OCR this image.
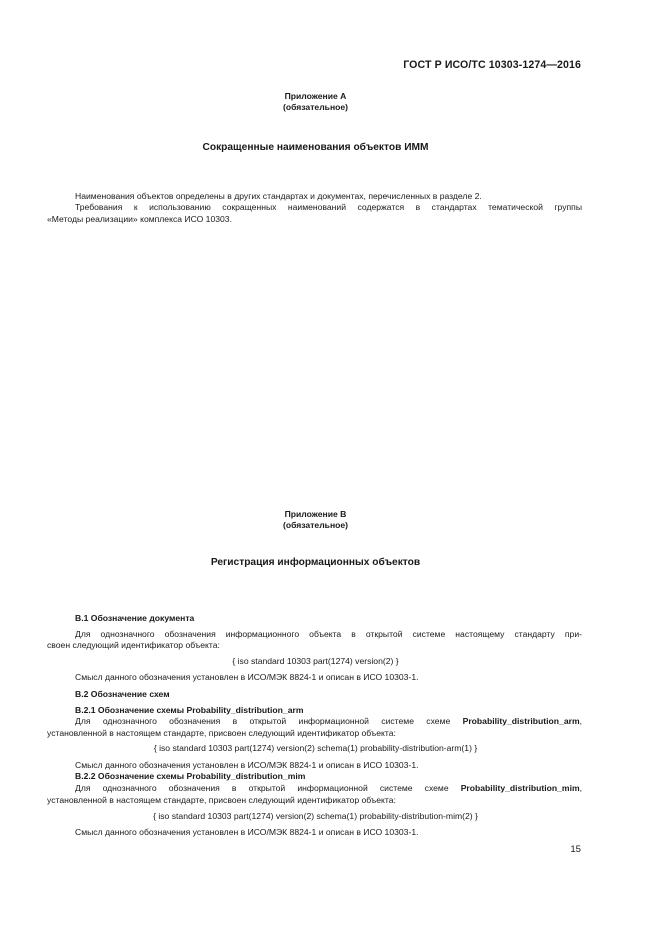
ГОСТ Р ИСО/ТС 10303-1274—2016
Приложение А
(обязательное)
Сокращенные наименования объектов ИММ
Наименования объектов определены в других стандартах и документах, перечисленных в разделе 2.
Требования к использованию сокращенных наименований содержатся в стандартах тематической группы
«Методы реализации» комплекса ИСО 10303.
Приложение В
(обязательное)
Регистрация информационных объектов
В.1 Обозначение документа
Для однозначного обозначения информационного объекта в открытой системе настоящему стандарту при-
своен следующий идентификатор объекта:
{ iso standard 10303 part(1274) version(2) }
Смысл данного обозначения установлен в ИСО/МЭК 8824-1 и описан в ИСО 10303-1.
В.2 Обозначение схем
В.2.1 Обозначение схемы Probability_distribution_arm
Для однозначного обозначения в открытой информационной системе схеме Probability_distribution_arm,
установленной в настоящем стандарте, присвоен следующий идентификатор объекта:
{ iso standard 10303 part(1274) version(2) schema(1) probability-distribution-arm(1) }
Смысл данного обозначения установлен в ИСО/МЭК 8824-1 и описан в ИСО 10303-1.
В.2.2 Обозначение схемы Probability_distribution_mim
Для однозначного обозначения в открытой информационной системе схеме Probability_distribution_mim,
установленной в настоящем стандарте, присвоен следующий идентификатор объекта:
{ iso standard 10303 part(1274) version(2) schema(1) probability-distribution-mim(2) }
Смысл данного обозначения установлен в ИСО/МЭК 8824-1 и описан в ИСО 10303-1.
15
